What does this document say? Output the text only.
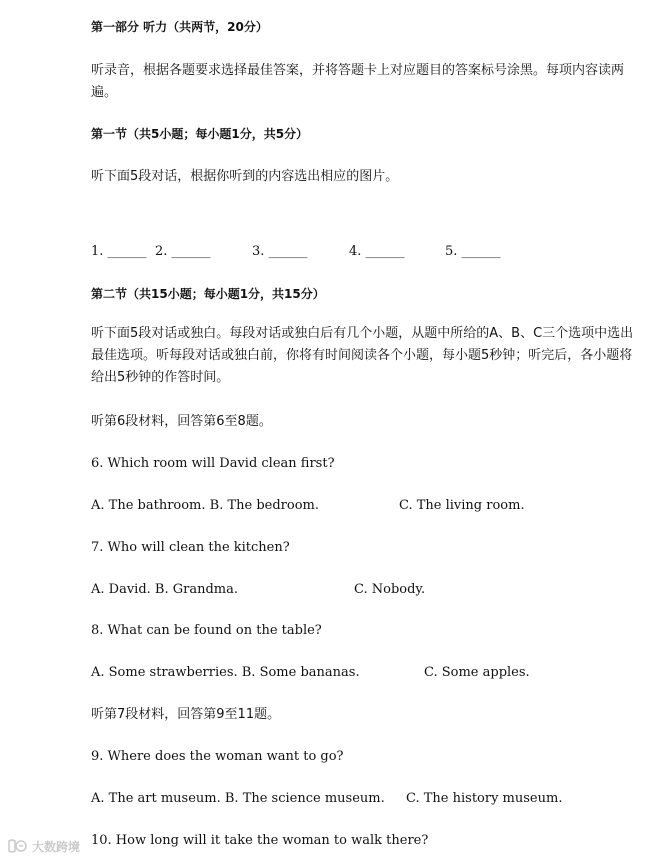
第一部分 听力（共两节，20分）
听录音，根据各题要求选择最佳答案，并将答题卡上对应题目的答案标号涂黑。每项内容读两遍。
第一节（共5小题；每小题1分，共5分）
听下面5段对话，根据你听到的内容选出相应的图片。
1. ______ 2. ______	3. ______	4. ______	5. ______
第二节（共15小题；每小题1分，共15分）
听下面5段对话或独白。每段对话或独白后有几个小题，从题中所给的A、B、C三个选项中选出最佳选项。听每段对话或独白前，你将有时间阅读各个小题，每小题5秒钟；听完后，各小题将给出5秒钟的作答时间。
听第6段材料，回答第6至8题。
6. Which room will David clean first?
A. The bathroom. B. The bedroom.	C. The living room.
7. Who will clean the kitchen?
A. David. B. Grandma.	C. Nobody.
8. What can be found on the table?
A. Some strawberries. B. Some bananas.	C. Some apples.
听第7段材料，回答第9至11题。
9. Where does the woman want to go?
A. The art museum. B. The science museum. C. The history museum.
10. How long will it take the woman to walk there?
大数跨境
